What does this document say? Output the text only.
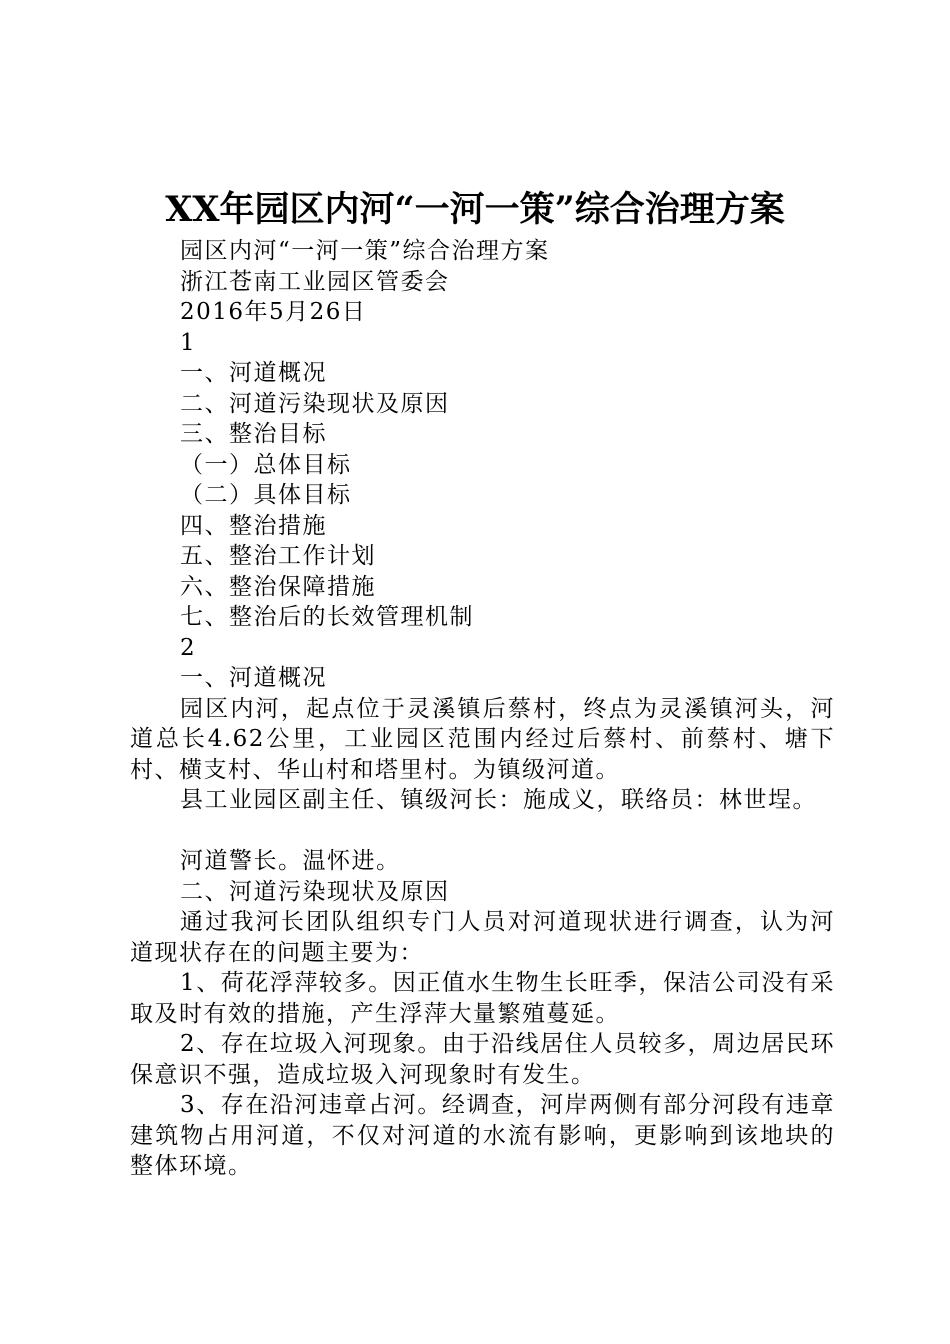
XX年园区内河“一河一策”综合治理方案
园区内河“一河一策”综合治理方案
浙江苍南工业园区管委会
2016年5月26日
1
一、河道概况
二、河道污染现状及原因
三、整治目标
（一）总体目标
（二）具体目标
四、整治措施
五、整治工作计划
六、整治保障措施
七、整治后的长效管理机制
2
一、河道概况
园区内河，起点位于灵溪镇后蔡村，终点为灵溪镇河头，河道总长4.62公里，工业园区范围内经过后蔡村、前蔡村、塘下村、横支村、华山村和塔里村。为镇级河道。
县工业园区副主任、镇级河长：施成义，联络员：林世埕。
河道警长。温怀进。
二、河道污染现状及原因
通过我河长团队组织专门人员对河道现状进行调查，认为河道现状存在的问题主要为：
1、荷花浮萍较多。因正值水生物生长旺季，保洁公司没有采取及时有效的措施，产生浮萍大量繁殖蔓延。
2、存在垃圾入河现象。由于沿线居住人员较多，周边居民环保意识不强，造成垃圾入河现象时有发生。
3、存在沿河违章占河。经调查，河岸两侧有部分河段有违章建筑物占用河道，不仅对河道的水流有影响，更影响到该地块的整体环境。
